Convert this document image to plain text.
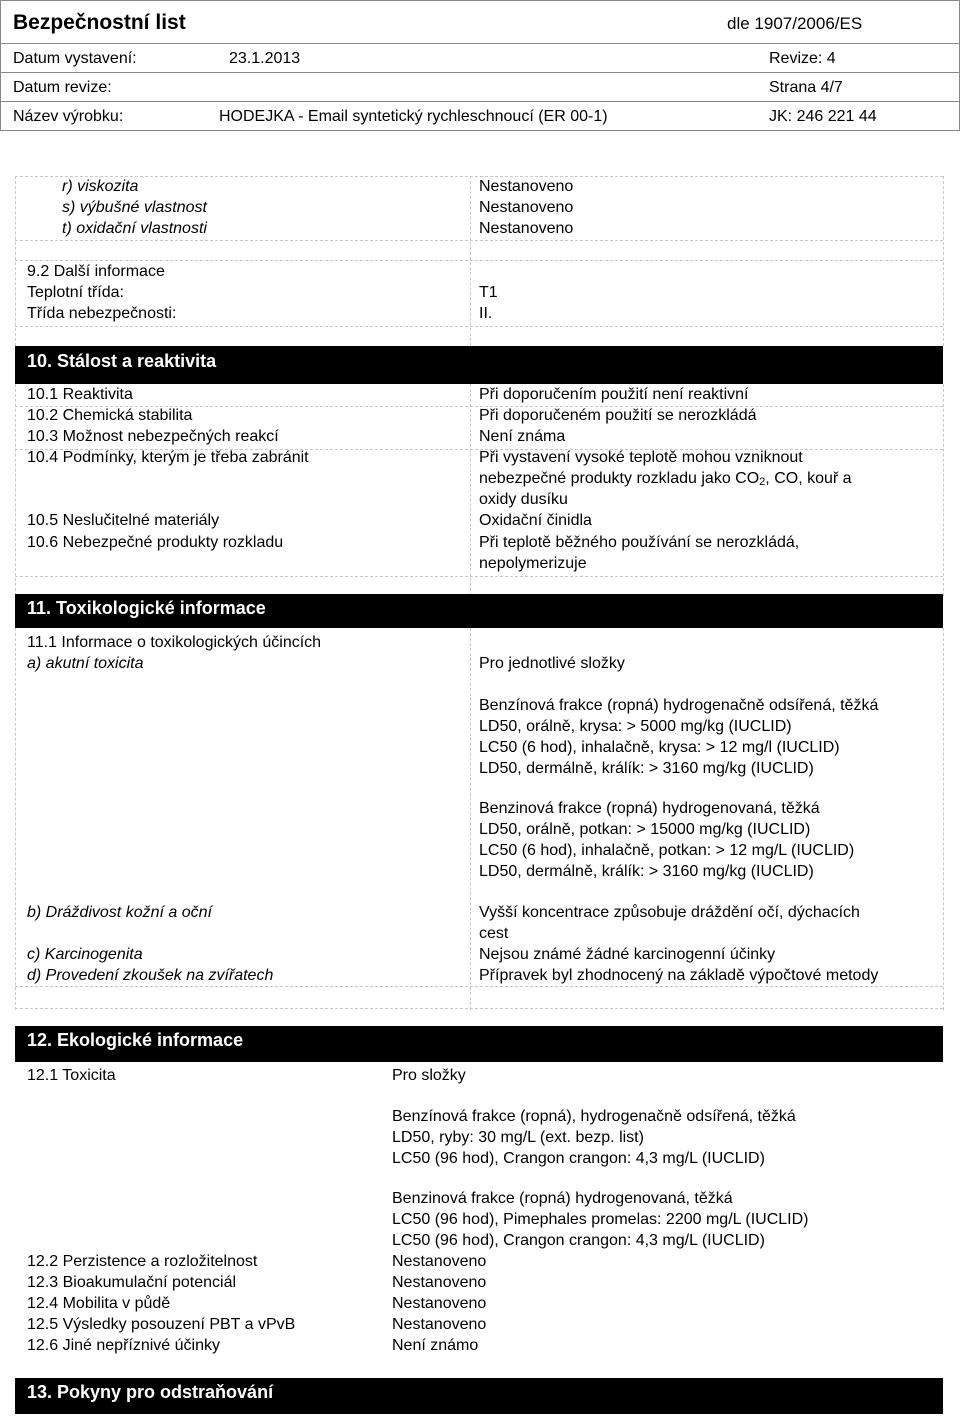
Bezpečnostní list	dle 1907/2006/ES
Datum vystavení:	23.1.2013	Revize: 4
Datum revize:	Strana 4/7
Název výrobku:	HODEJKA - Email syntetický rychleschnoucí (ER 00-1)	JK: 246 221 44
r) viskozita	Nestanoveno
s) výbušné vlastnost	Nestanoveno
t) oxidační vlastnosti	Nestanoveno
9.2 Další informace
Teplotní třída:	T1
Třída nebezpečnosti:	II.
10. Stálost a reaktivita
10.1 Reaktivita	Při doporučením použití není reaktivní
10.2 Chemická stabilita	Při doporučeném použití se nerozkládá
10.3 Možnost nebezpečných reakcí	Není známa
10.4 Podmínky, kterým je třeba zabránit	Při vystavení vysoké teplotě mohou vzniknout
nebezpečné produkty rozkladu jako $CO_2$, CO, kouř a
oxidy dusíku
10.5 Neslučitelné materiály	Oxidační činidla
10.6 Nebezpečné produkty rozkladu	Při teplotě běžného používání se nerozkládá,
nepolymerizuje
11. Toxikologické informace
11.1 Informace o toxikologických účincích
a) akutní toxicita	Pro jednotlivé složky
Benzínová frakce (ropná) hydrogenačně odsířená, těžká
LD50, orálně, krysa: > 5000 mg/kg (IUCLID)
LC50 (6 hod), inhalačně, krysa: > 12 mg/l (IUCLID)
LD50, dermálně, králík: > 3160 mg/kg (IUCLID)
Benzinová frakce (ropná) hydrogenovaná, těžká
LD50, orálně, potkan: > 15000 mg/kg (IUCLID)
LC50 (6 hod), inhalačně, potkan: > 12 mg/L (IUCLID)
LD50, dermálně, králík: > 3160 mg/kg (IUCLID)
b) Dráždivost kožní a oční	Vyšší koncentrace způsobuje dráždění očí, dýchacích
cest
c) Karcinogenita	Nejsou známé žádné karcinogenní účinky
d) Provedení zkoušek na zvířatech	Přípravek byl zhodnocený na základě výpočtové metody
12. Ekologické informace
12.1 Toxicita	Pro složky
Benzínová frakce (ropná), hydrogenačně odsířená, těžká
LD50, ryby: 30 mg/L (ext. bezp. list)
LC50 (96 hod), Crangon crangon: 4,3 mg/L (IUCLID)
Benzinová frakce (ropná) hydrogenovaná, těžká
LC50 (96 hod), Pimephales promelas: 2200 mg/L (IUCLID)
LC50 (96 hod), Crangon crangon: 4,3 mg/L (IUCLID)
12.2 Perzistence a rozložitelnost	Nestanoveno
12.3 Bioakumulační potenciál	Nestanoveno
12.4 Mobilita v půdě	Nestanoveno
12.5 Výsledky posouzení PBT a vPvB	Nestanoveno
12.6 Jiné nepříznivé účinky	Není známo
13. Pokyny pro odstraňování
